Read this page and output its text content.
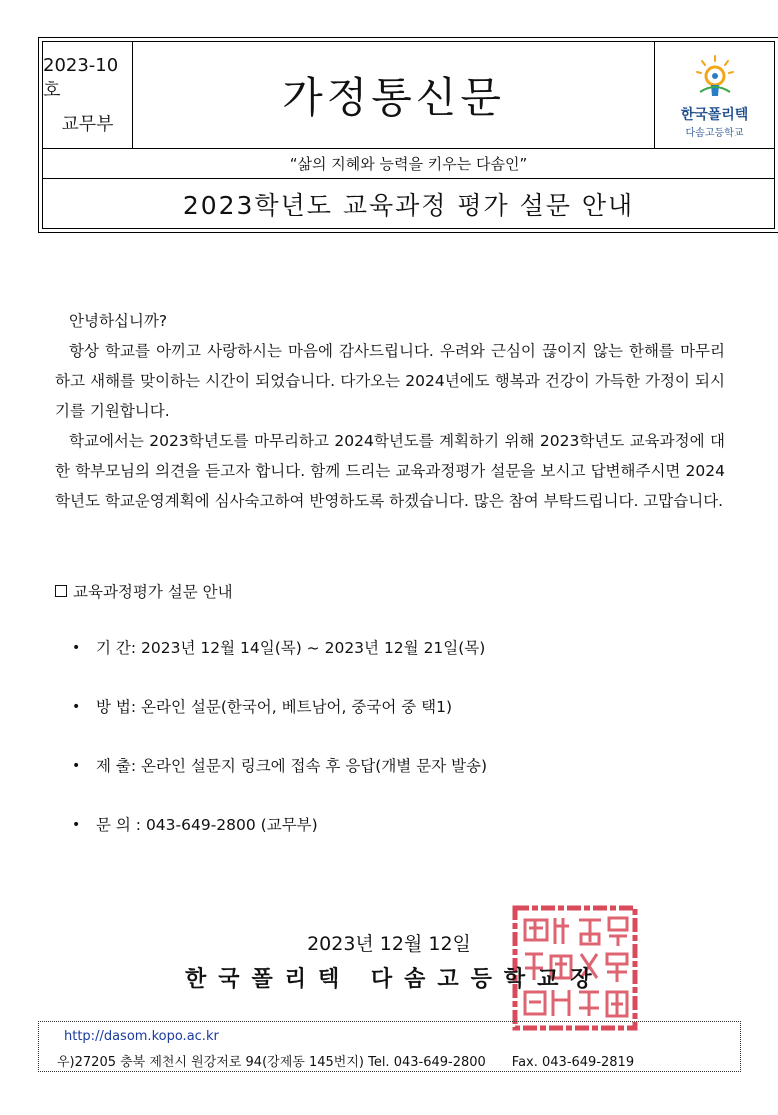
2023-10호
교무부
가정통신문	한국폴리텍
다솜고등학교
“삶의 지혜와 능력을 키우는 다솜인”
2023학년도 교육과정 평가 설문 안내

안녕하십니까?

항상 학교를 아끼고 사랑하시는 마음에 감사드립니다. 우려와 근심이 끊이지 않는 한해를 마무리하고 새해를 맞이하는 시간이 되었습니다. 다가오는 2024년에도 행복과 건강이 가득한 가정이 되시기를 기원합니다.

학교에서는 2023학년도를 마무리하고 2024학년도를 계획하기 위해 2023학년도 교육과정에 대한 학부모님의 의견을 듣고자 합니다. 함께 드리는 교육과정평가 설문을 보시고 답변해주시면 2024학년도 학교운영계획에 심사숙고하여 반영하도록 하겠습니다. 많은 참여 부탁드립니다. 고맙습니다.

교육과정평가 설문 안내
•	기 간: 2023년 12월 14일(목) ~ 2023년 12월 21일(목)
•	방 법: 온라인 설문(한국어, 베트남어, 중국어 중 택1)
•	제 출: 온라인 설문지 링크에 접속 후 응답(개별 문자 발송)
•	문 의 : 043-649-2800 (교무부)
2023년 12월 12일
한국폴리텍 다솜고등학교장
http://dasom.kopo.ac.kr
우)27205 충북 제천시 원강저로 94(강제동 145번지) Tel. 043-649-2800 Fax. 043-649-2819
